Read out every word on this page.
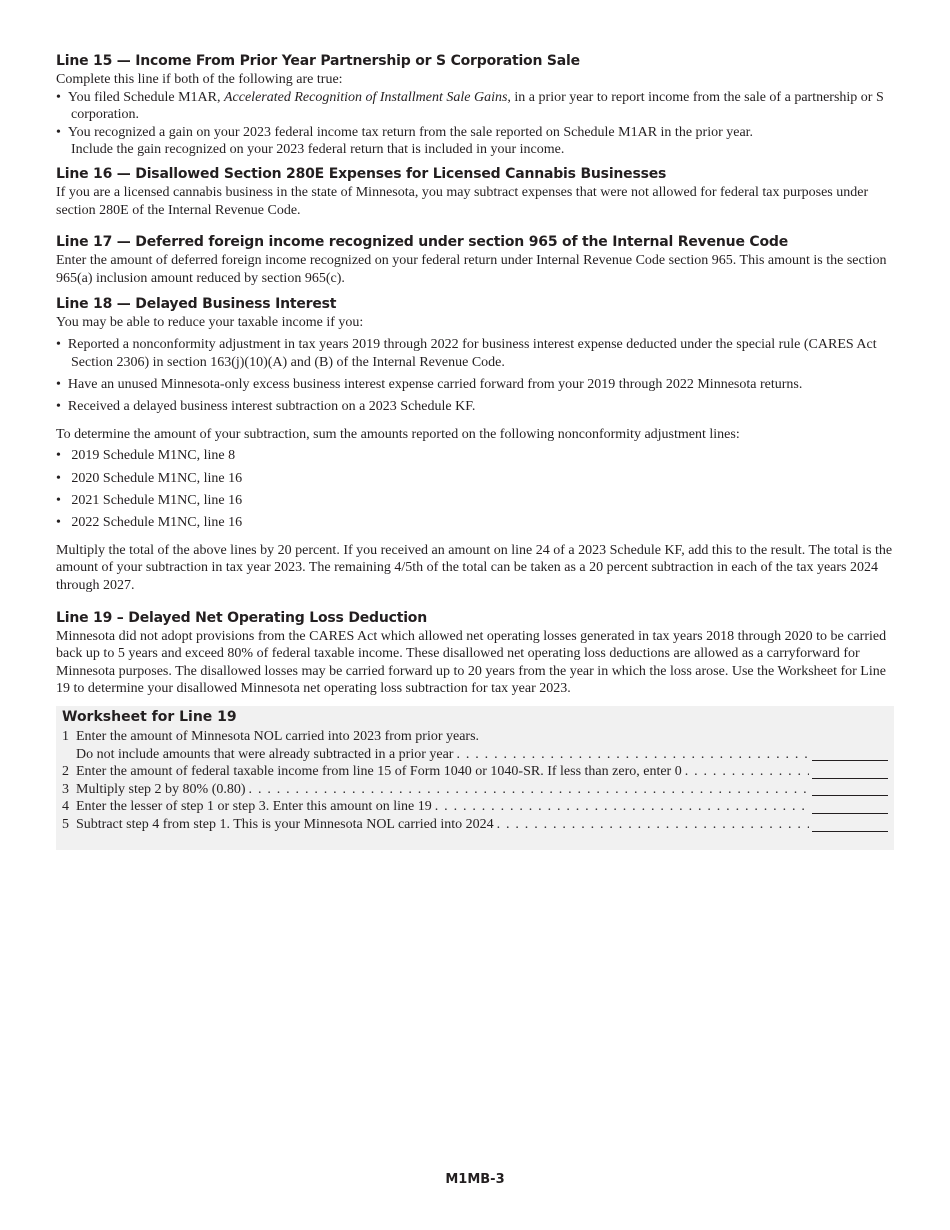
Line 15 — Income From Prior Year Partnership or S Corporation Sale

Complete this line if both of the following are true:

•  You filed Schedule M1AR, Accelerated Recognition of Installment Sale Gains, in a prior year to report income from the sale of a partnership or S corporation.
•  You recognized a gain on your 2023 federal income tax return from the sale reported on Schedule M1AR in the prior year.

Include the gain recognized on your 2023 federal return that is included in your income.

Line 16 — Disallowed Section 280E Expenses for Licensed Cannabis Businesses

If you are a licensed cannabis business in the state of Minnesota, you may subtract expenses that were not allowed for federal tax purposes under section 280E of the Internal Revenue Code.

Line 17 — Deferred foreign income recognized under section 965 of the Internal Revenue Code

Enter the amount of deferred foreign income recognized on your federal return under Internal Revenue Code section 965. This amount is the section 965(a) inclusion amount reduced by section 965(c).

Line 18 — Delayed Business Interest

You may be able to reduce your taxable income if you:

•  Reported a nonconformity adjustment in tax years 2019 through 2022 for business interest expense deducted under the special rule (CARES Act Section 2306) in section 163(j)(10)(A) and (B) of the Internal Revenue Code.
•  Have an unused Minnesota-only excess business interest expense carried forward from your 2019 through 2022 Minnesota returns.
•  Received a delayed business interest subtraction on a 2023 Schedule KF.

To determine the amount of your subtraction, sum the amounts reported on the following nonconformity adjustment lines:

•   2019 Schedule M1NC, line 8
•   2020 Schedule M1NC, line 16
•   2021 Schedule M1NC, line 16
•   2022 Schedule M1NC, line 16

Multiply the total of the above lines by 20 percent. If you received an amount on line 24 of a 2023 Schedule KF, add this to the result. The total is the amount of your subtraction in tax year 2023. The remaining 4/5th of the total can be taken as a 20 percent subtraction in each of the tax years 2024 through 2027.

Line 19 – Delayed Net Operating Loss Deduction

Minnesota did not adopt provisions from the CARES Act which allowed net operating losses generated in tax years 2018 through 2020 to be carried back up to 5 years and exceed 80% of federal taxable income. These disallowed net operating loss deductions are allowed as a carryforward for Minnesota purposes. The disallowed losses may be carried forward up to 20 years from the year in which the loss arose. Use the Worksheet for Line 19 to determine your disallowed Minnesota net operating loss subtraction for tax year 2023.

Worksheet for Line 19
1 Enter the amount of Minnesota NOL carried into 2023 from prior years.
Do not include amounts that were already subtracted in a prior year
. . .
2 Enter the amount of federal taxable income from line 15 of Form 1040 or 1040-SR. If less than zero, enter 0
. . .
3 Multiply step 2 by 80% (0.80)
. . .
4 Enter the lesser of step 1 or step 3. Enter this amount on line 19
. . .
5 Subtract step 4 from step 1. This is your Minnesota NOL carried into 2024
. . .
M1MB-3
